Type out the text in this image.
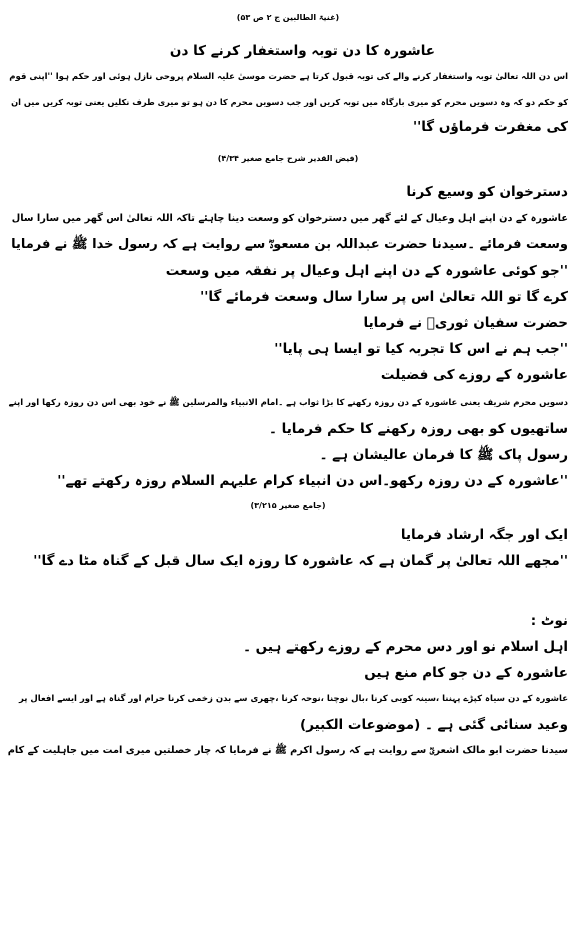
(غنیۃ الطالبین ج ۲ ص ۵۳)
عاشورہ کا دن توبہ واستغفار کرنے کا دن
اس دن اللہ تعالیٰ توبہ واستغفار کرنے والے کی توبہ قبول کرتا ہے حضرت موسیٰ علیہ السلام پروحی نازل ہوئی اور حکم ہوا ''اپنی قوم
کو حکم دو کہ وہ دسویں محرم کو میری بارگاہ میں توبہ کریں اور جب دسویں محرم کا دن ہو تو میری طرف نکلیں یعنی توبہ کریں میں ان
کی مغفرت فرماؤں گا''
(فیض القدیر شرح جامع صغیر ۴/۳۴)
دسترخوان کو وسیع کرنا
عاشورہ کے دن اپنے اہل وعیال کے لئے گھر میں دسترخوان کو وسعت دینا چاہئے تاکہ اللہ تعالیٰ اس گھر میں سارا سال
وسعت فرمائے ۔سیدنا حضرت عبداللہ بن مسعودؓ سے روایت ہے کہ رسول خدا ﷺ نے فرمایا
''جو کوئی عاشورہ کے دن اپنے اہل وعیال پر نفقہ میں وسعت
کرے گا تو اللہ تعالیٰ اس پر سارا سال وسعت فرمائے گا''
حضرت سفیان ثوریؒ نے فرمایا
''جب ہم نے اس کا تجربہ کیا تو ایسا ہی پایا''
عاشورہ کے روزے کی فضیلت
دسویں محرم شریف یعنی عاشورہ کے دن روزہ رکھنے کا بڑا ثواب ہے ۔امام الانبیاء والمرسلین ﷺ نے خود بھی اس دن روزہ رکھا اور اپنے
ساتھیوں کو بھی روزہ رکھنے کا حکم فرمایا ۔
رسول پاک ﷺ کا فرمان عالیشان ہے ۔
''عاشورہ کے دن روزہ رکھو۔اس دن انبیاء کرام علیہم السلام روزہ رکھتے تھے''
(جامع صغیر ۳/۲۱۵)
ایک اور جگہ ارشاد فرمایا
''مجھے اللہ تعالیٰ پر گمان ہے کہ عاشورہ کا روزہ ایک سال قبل کے گناہ مٹا دے گا''
نوٹ :
اہل اسلام نو اور دس محرم کے روزے رکھتے ہیں ۔
عاشورہ کے دن جو کام منع ہیں
عاشورہ کے دن سیاہ کپڑے پہننا ،سینہ کوبی کرنا ،بال نوچنا ،نوحہ کرنا ،چھری سے بدن زخمی کرنا حرام اور گناہ ہے اور ایسے افعال پر
وعید سنائی گئی ہے ۔ (موضوعات الکبیر)
سیدنا حضرت ابو مالک اشعریؓ سے روایت ہے کہ رسول اکرم ﷺ نے فرمایا کہ چار خصلتیں میری امت میں جاہلیت کے کام
